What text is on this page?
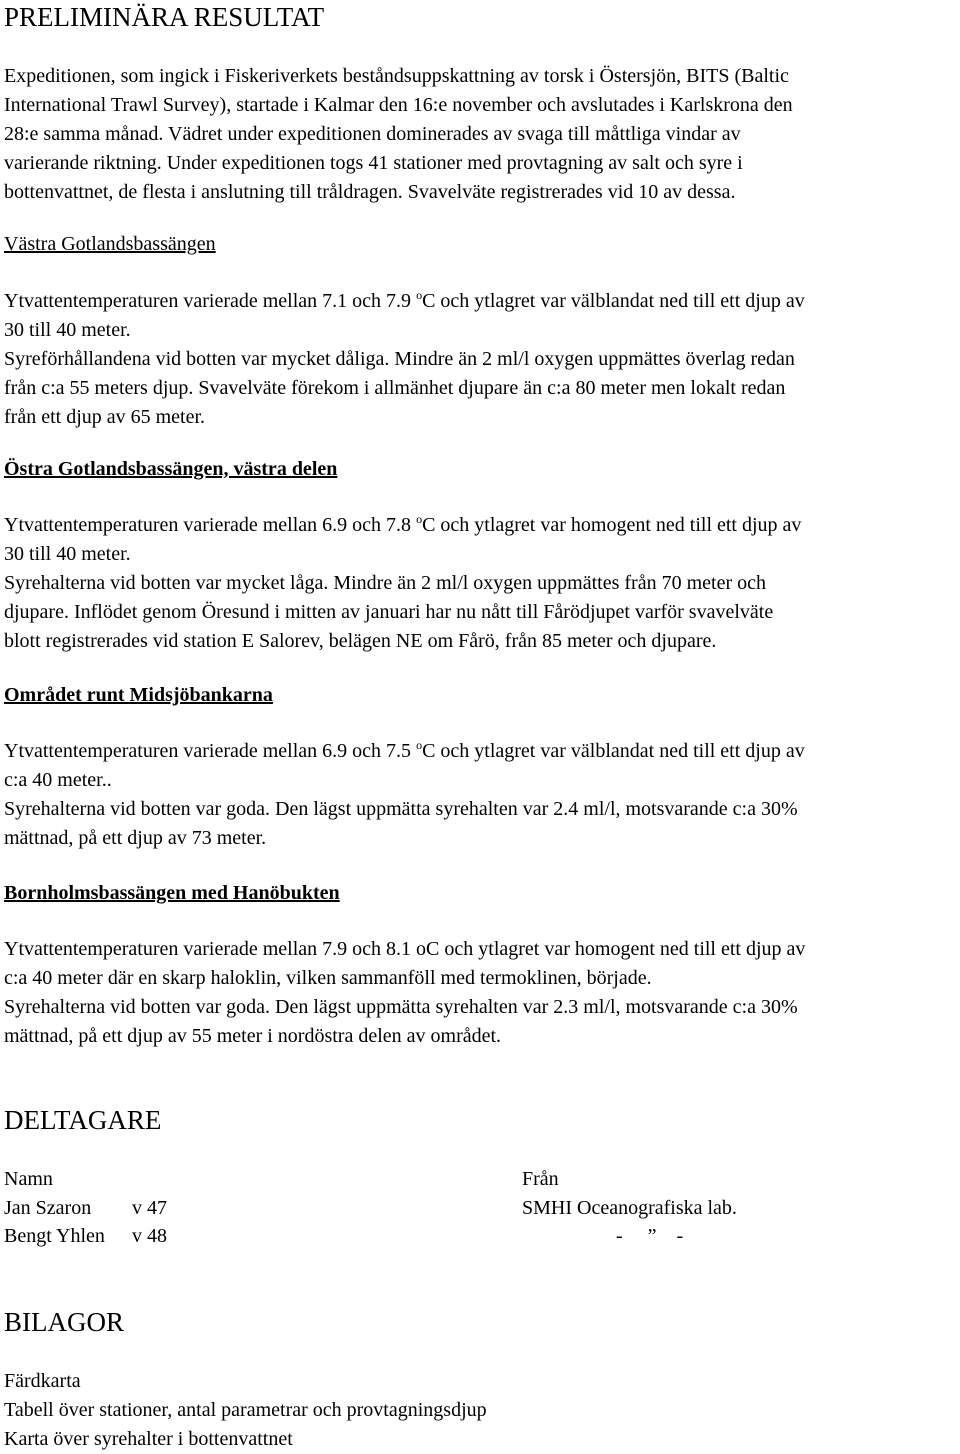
PRELIMINÄRA RESULTAT
Expeditionen, som ingick i Fiskeriverkets beståndsuppskattning av torsk i Östersjön, BITS (Baltic
International Trawl Survey), startade i Kalmar den 16:e november och avslutades i Karlskrona den
28:e samma månad. Vädret under expeditionen dominerades av svaga till måttliga vindar av
varierande riktning. Under expeditionen togs 41 stationer med provtagning av salt och syre i
bottenvattnet, de flesta i anslutning till tråldragen. Svavelväte registrerades vid 10 av dessa.
Västra Gotlandsbassängen
Ytvattentemperaturen varierade mellan 7.1 och 7.9 $^o$C och ytlagret var välblandat ned till ett djup av
30 till 40 meter.
Syreförhållandena vid botten var mycket dåliga. Mindre än 2 ml/l oxygen uppmättes överlag redan
från c:a 55 meters djup. Svavelväte förekom i allmänhet djupare än c:a 80 meter men lokalt redan
från ett djup av 65 meter.
Östra Gotlandsbassängen, västra delen
Ytvattentemperaturen varierade mellan 6.9 och 7.8 $^o$C och ytlagret var homogent ned till ett djup av
30 till 40 meter.
Syrehalterna vid botten var mycket låga. Mindre än 2 ml/l oxygen uppmättes från 70 meter och
djupare. Inflödet genom Öresund i mitten av januari har nu nått till Fårödjupet varför svavelväte
blott registrerades vid station E Salorev, belägen NE om Fårö, från 85 meter och djupare.
Området runt Midsjöbankarna
Ytvattentemperaturen varierade mellan 6.9 och 7.5 $^o$C och ytlagret var välblandat ned till ett djup av
c:a 40 meter..
Syrehalterna vid botten var goda. Den lägst uppmätta syrehalten var 2.4 ml/l, motsvarande c:a 30%
mättnad, på ett djup av 73 meter.
Bornholmsbassängen med Hanöbukten
Ytvattentemperaturen varierade mellan 7.9 och 8.1 oC och ytlagret var homogent ned till ett djup av
c:a 40 meter där en skarp haloklin, vilken sammanföll med termoklinen, började.
Syrehalterna vid botten var goda. Den lägst uppmätta syrehalten var 2.3 ml/l, motsvarande c:a 30%
mättnad, på ett djup av 55 meter i nordöstra delen av området.
DELTAGARE
Namn	Från
Jan Szaron v 47	SMHI Oceanografiska lab.
Bengt Yhlen v 48	-     ”    -
BILAGOR
Färdkarta
Tabell över stationer, antal parametrar och provtagningsdjup
Karta över syrehalter i bottenvattnet
